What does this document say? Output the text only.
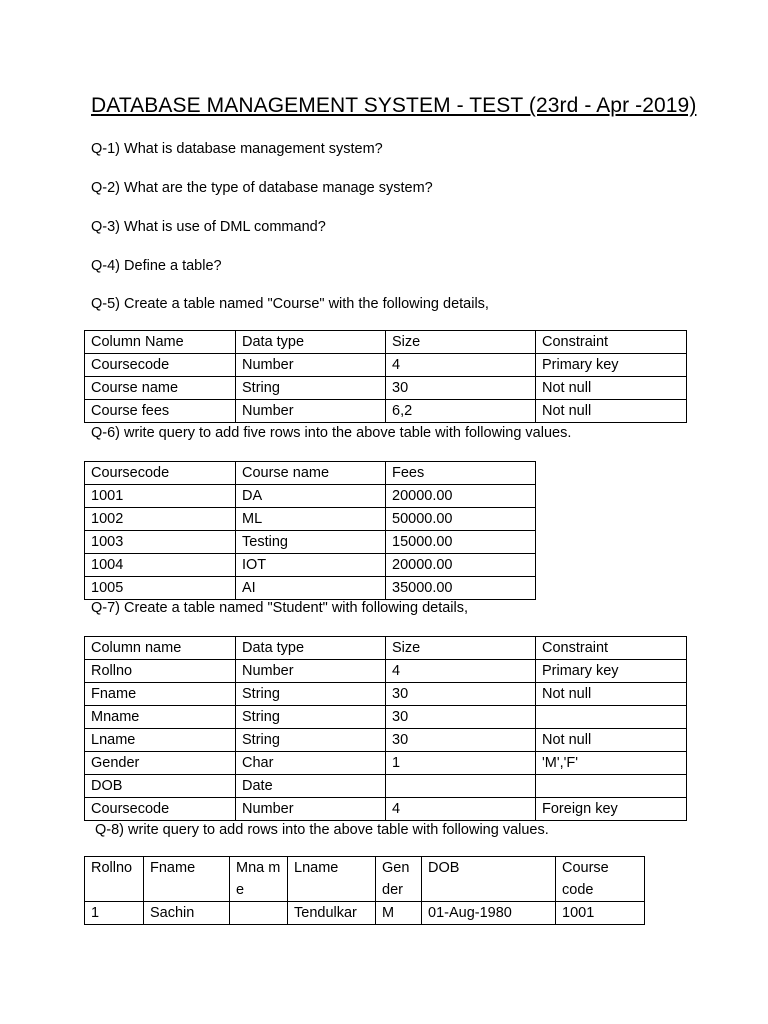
DATABASE MANAGEMENT SYSTEM - TEST (23rd - Apr -2019)
Q-1) What is database management system?
Q-2) What are the type of database manage system?
Q-3) What is use of DML command?
Q-4) Define a table?
Q-5) Create a table named "Course" with the following details,
Column Name	Data type	Size	Constraint
Coursecode	Number	4	Primary key
Course name	String	30	Not null
Course fees	Number	6,2	Not null
Q-6) write query to add five rows into the above table with following values.
Coursecode	Course name	Fees
1001	DA	20000.00
1002	ML	50000.00
1003	Testing	15000.00
1004	IOT	20000.00
1005	AI	35000.00
Q-7) Create a table named "Student" with following details,
Column name	Data type	Size	Constraint
Rollno	Number	4	Primary key
Fname	String	30	Not null
Mname	String	30	
Lname	String	30	Not null
Gender	Char	1	'M','F'
DOB	Date		
Coursecode	Number	4	Foreign key
Q-8) write query to add rows into the above table with following values.
Rollno	Fname	Mna me	Lname	Gen der	DOB	Course code
1	Sachin		Tendulkar	M	01-Aug-1980	1001
